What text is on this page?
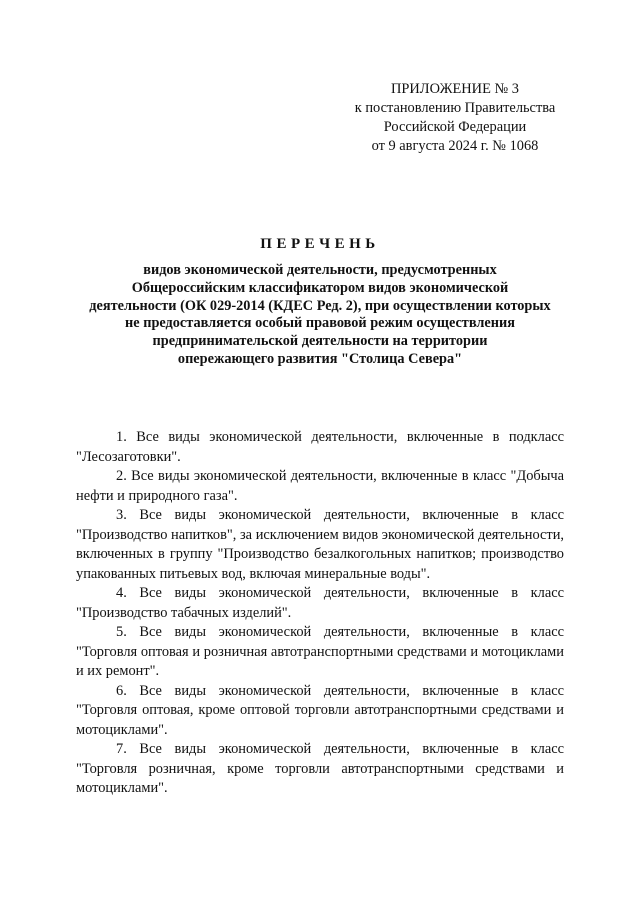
ПРИЛОЖЕНИЕ № 3
к постановлению Правительства
Российской Федерации
от 9 августа 2024 г. № 1068
ПЕРЕЧЕНЬ
видов экономической деятельности, предусмотренных
Общероссийским классификатором видов экономической
деятельности (ОК 029-2014 (КДЕС Ред. 2), при осуществлении которых
не предоставляется особый правовой режим осуществления
предпринимательской деятельности на территории
опережающего развития "Столица Севера"

1. Все виды экономической деятельности, включенные в подкласс "Лесозаготовки".

2. Все виды экономической деятельности, включенные в класс "Добыча нефти и природного газа".

3. Все виды экономической деятельности, включенные в класс "Производство напитков", за исключением видов экономической деятельности, включенных в группу "Производство безалкогольных напитков; производство упакованных питьевых вод, включая минеральные воды".

4. Все виды экономической деятельности, включенные в класс "Производство табачных изделий".

5. Все виды экономической деятельности, включенные в класс "Торговля оптовая и розничная автотранспортными средствами и мотоциклами и их ремонт".

6. Все виды экономической деятельности, включенные в класс "Торговля оптовая, кроме оптовой торговли автотранспортными средствами и мотоциклами".

7. Все виды экономической деятельности, включенные в класс "Торговля розничная, кроме торговли автотранспортными средствами и мотоциклами".
